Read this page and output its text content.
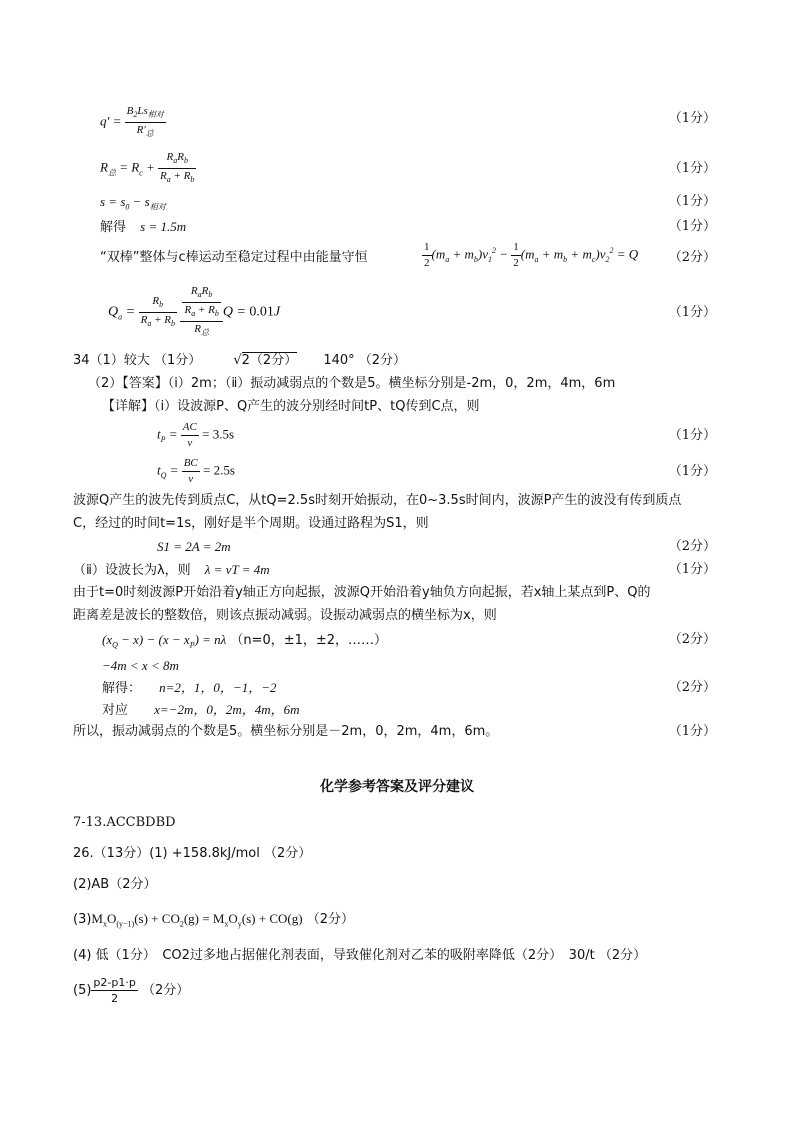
q′ =
$B_2Ls_{相对}$
$R'_总$
（1分）
$R_总 = R_c$ +
$R_aR_b$
$R_a + R_b$
（1分）
$s = s_0 - s_{相对}$	（1分）
解得 s = 1.5m	（1分）
“双棒”整体与c棒运动至稳定过程中由能量守恒	$\frac{1}{2} (m_a + m_b)v_1^2 - \frac{1}{2} (m_a + m_b + m_c)v_2^2 = Q$ （2分）
$Q_a = \frac{R_b}{R_a + R_b}$

$R_aR_b$
$R_a + R_b$
$R_总$
Q = 0.01J	（1分）
34（1）较大 （1分） √2（2分） 140° （2分）
（2）【答案】（ⅰ）2m；（ⅱ）振动减弱点的个数是5。横坐标分别是-2m，0，2m，4m，6m
【详解】（ⅰ）设波源P、Q产生的波分别经时间tP、tQ传到C点，则
$t_P = \frac{AC}{v} = 3.5s$	（1分）
$t_Q = \frac{BC}{v} = 2.5s$	（1分）
波源Q产生的波先传到质点C，从tQ=2.5s时刻开始振动，在0~3.5s时间内，波源P产生的波没有传到质点
C，经过的时间t=1s，刚好是半个周期。设通过路程为S1，则
S1 = 2A = 2m	（2分）
（ⅱ）设波长为λ，则 λ = vT = 4m	（1分）
由于t=0时刻波源P开始沿着y轴正方向起振，波源Q开始沿着y轴负方向起振，若x轴上某点到P、Q的
距离差是波长的整数倍，则该点振动减弱。设振动减弱点的横坐标为x，则
$(x_Q - x) - (x - x_P) = n\lambda$ （n=0，±1，±2，……）	（2分）
−4m < x < 8m
解得： n=2，1，0，−1，−2	（2分）
对应 x=−2m，0，2m，4m，6m
所以，振动减弱点的个数是5。横坐标分别是－2m，0，2m，4m，6m。	（1分）
化学参考答案及评分建议
7-13.ACCBDBD
26.（13分）(1) +158.8kJ/mol （2分）
(2)AB（2分）
$(3)M_xO_{(y-1)}(s) + CO_2(g) = M_xO_y(s) + CO(g)$ （2分）
(4) 低（1分）　CO2过多地占据催化剂表面，导致催化剂对乙苯的吸附率降低（2分）　30/t （2分）
$(5) \frac{p2-p1\cdot p}{2} (2$分）
